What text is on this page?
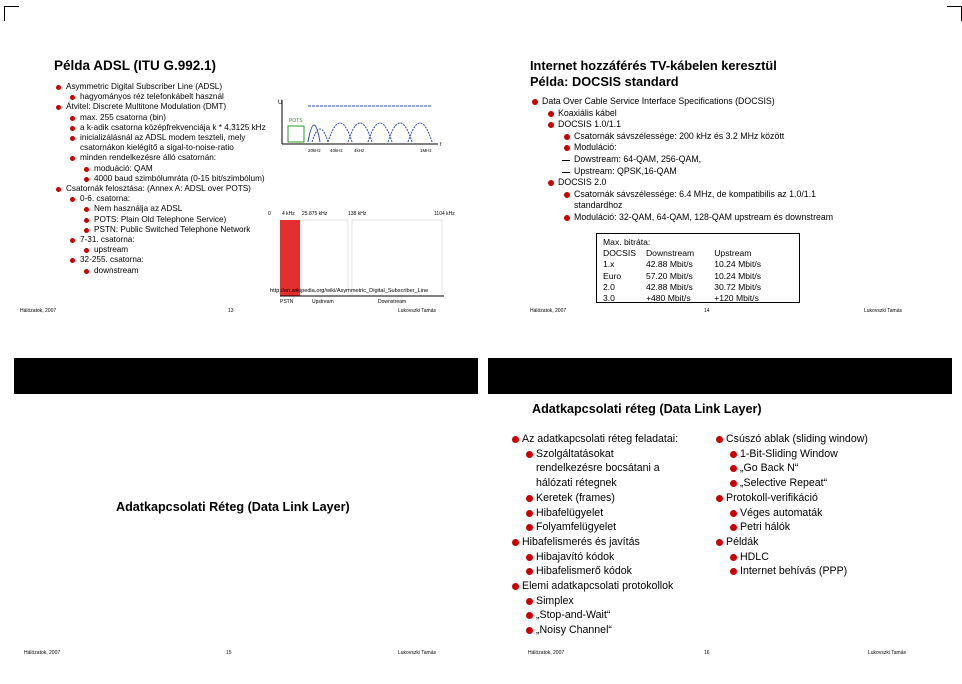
Példa ADSL (ITU G.992.1)
Asymmetric Digital Subscriber Line (ADSL)
hagyományos réz telefonkábelt használ
Átvitel: Discrete Multitone Modulation (DMT)
max. 255 csatorna (bin)
a k-adik csatorna középfrekvenciája k * 4,3125 kHz
inicializálásnál az ADSL modem teszteli, mely
csatornákon kielégítő a sigal-to-noise-ratio
minden rendelkezésre álló csatornán:
moduáció: QAM
4000 baud szimbólumráta (0-15 bit/szimbólum)
Csatornák felosztása: (Annex A: ADSL over POTS)
0-6. csatorna:
Nem használja az ADSL
POTS: Plain Old Telephone Service)
PSTN: Public Switched Telephone Network
7-31. csatorna:
upstream
32-255. csatorna:
downstream
U
POTS
20kHz 40kHz 4kHz	1MHz
f
0 4 kHz 25.875 kHz	138 kHz	1104 kHz
PSTN	Upstream	Downstream
http://en.wikipedia.org/wiki/Asymmetric_Digital_Subscriber_Line
Hálózatok, 2007	13	Lukovszki Tamás
Internet hozzáférés TV-kábelen keresztül
Példa: DOCSIS standard
Data Over Cable Service Interface Specifications (DOCSIS)
Koaxiális kábel
DOCSIS 1.0/1.1
Csatornák sávszélessége: 200 kHz és 3.2 MHz között
Moduláció:
Dowstream: 64-QAM, 256-QAM,
Upstream: QPSK,16-QAM
DOCSIS 2.0
Csatornák sávszélessége: 6.4 MHz, de kompatibilis az 1.0/1.1
standardhoz
Moduláció: 32-QAM, 64-QAM, 128-QAM upstream és downstream
Max. bitráta:
DOCSIS	Downstream	Upstream
1.x	42.88 Mbit/s	10.24 Mbit/s
Euro	57.20 Mbit/s	10.24 Mbit/s
2.0	42.88 Mbit/s	30.72 Mbit/s
3.0	+480 Mbit/s	+120 Mbit/s
Hálózatok, 2007	14	Lukovszki Tamás
Adatkapcsolati Réteg (Data Link Layer)
Hálózatok, 2007	15	Lukovszki Tamás
Adatkapcsolati réteg (Data Link Layer)
Az adatkapcsolati réteg feladatai:
Szolgáltatásokat
rendelkezésre bocsátani a
hálózati rétegnek
Keretek (frames)
Hibafelügyelet
Folyamfelügyelet
Hibafelismerés és javítás
Hibajavító kódok
Hibafelismerő kódok
Elemi adatkapcsolati protokollok
Simplex
„Stop-and-Wait“
„Noisy Channel“
Csúszó ablak (sliding window)
1-Bit-Sliding Window
„Go Back N“
„Selective Repeat“
Protokoll-verifikáció
Véges automaták
Petri hálók
Példák
HDLC
Internet behívás (PPP)
Hálózatok, 2007	16	Lukovszki Tamás
